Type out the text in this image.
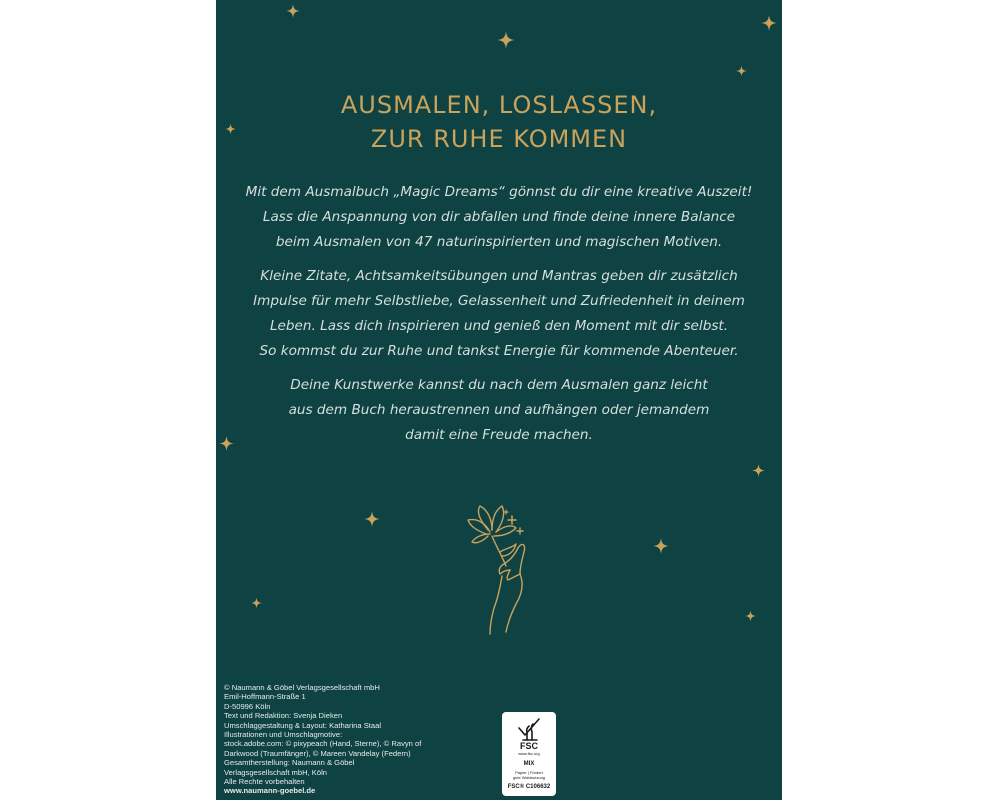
AUSMALEN, LOSLASSEN,
ZUR RUHE KOMMEN

Mit dem Ausmalbuch „Magic Dreams“ gönnst du dir eine kreative Auszeit!
Lass die Anspannung von dir abfallen und finde deine innere Balance
beim Ausmalen von 47 naturinspirierten und magischen Motiven.

Kleine Zitate, Achtsamkeitsübungen und Mantras geben dir zusätzlich
Impulse für mehr Selbstliebe, Gelassenheit und Zufriedenheit in deinem
Leben. Lass dich inspirieren und genieß den Moment mit dir selbst.
So kommst du zur Ruhe und tankst Energie für kommende Abenteuer.

Deine Kunstwerke kannst du nach dem Ausmalen ganz leicht
aus dem Buch heraustrennen und aufhängen oder jemandem
damit eine Freude machen.

© Naumann & Göbel Verlagsgesellschaft mbH
Emil-Hoffmann-Straße 1
D-50996 Köln
Text und Redaktion: Svenja Dieken
Umschlaggestaltung & Layout: Katharina Staal
Illustrationen und Umschlagmotive:
stock.adobe.com: © pixypeach (Hand, Sterne), © Ravyn of
Darkwood (Traumfänger), © Mareen Vandelay (Federn)
Gesamtherstellung: Naumann & Göbel
Verlagsgesellschaft mbH, Köln
Alle Rechte vorbehalten
www.naumann-goebel.de
FSC
www.fsc.org
MIX
Papier | Fördert
gute Waldnutzung
FSC® C106632
